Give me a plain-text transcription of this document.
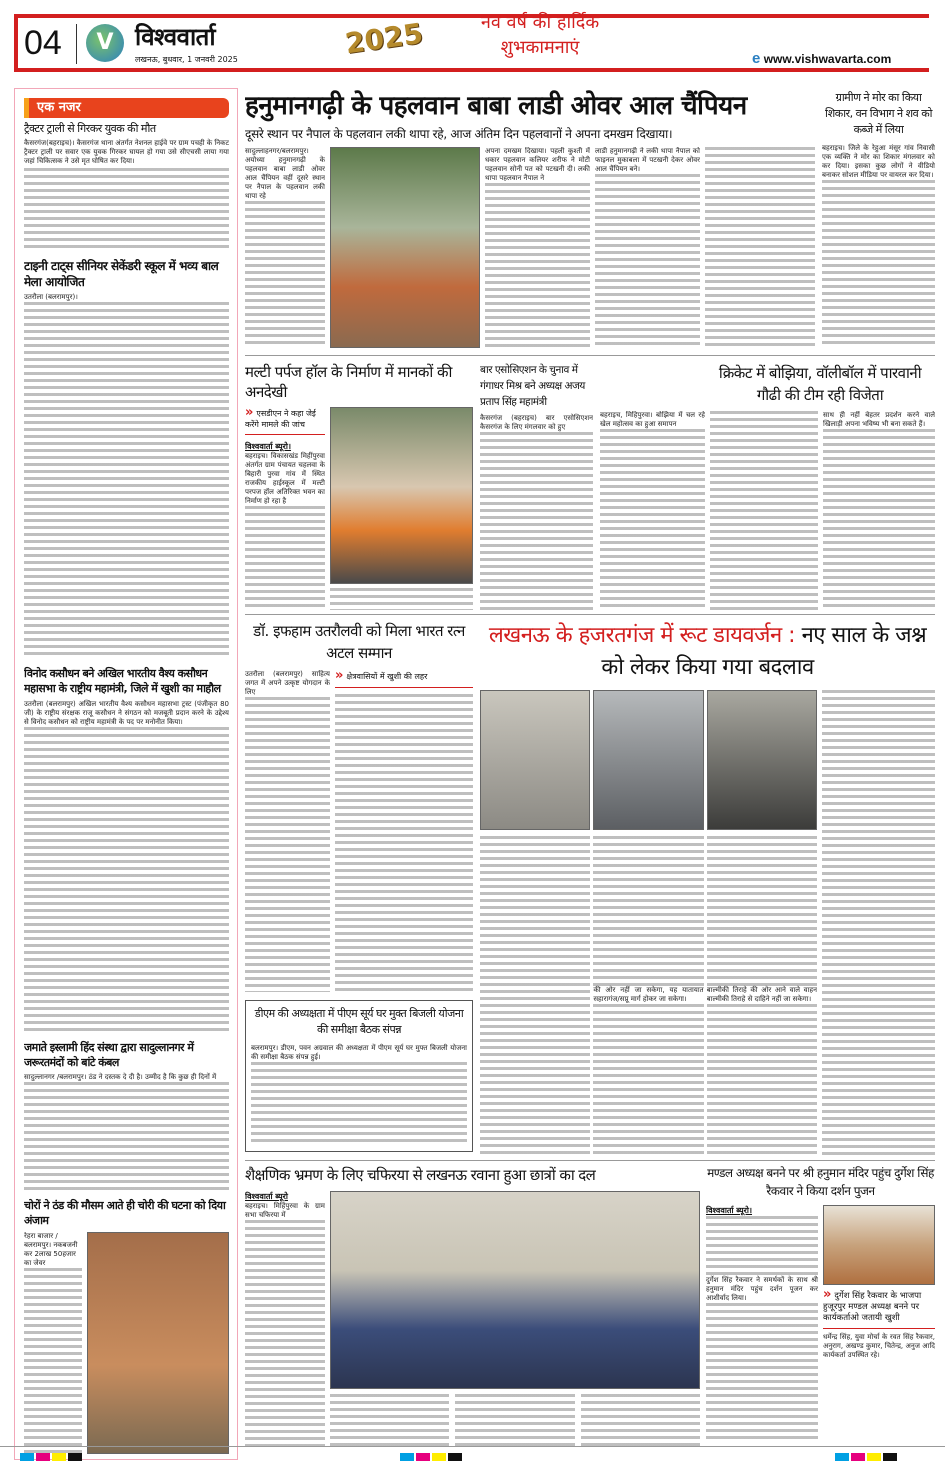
04	V विश्ववार्ता
लखनऊ, बुधवार, 1 जनवरी 2025	2025	नव वर्ष की हार्दिक
शुभकामनाएं
e www.vishwavarta.com
एक नजर
ट्रैक्टर ट्राली से गिरकर युवक की मौत
कैसरगंज(बहराइच)। कैसरगंज थाना अंतर्गत नेशनल हाईवे पर ग्राम पचही के निकट ट्रैक्टर ट्राली पर सवार एक युवक गिरकर घायल हो गया उसे सीएचसी लाया गया जहां चिकित्सक ने उसे मृत घोषित कर दिया।
टाइनी टाट्स सीनियर सेकेंडरी स्कूल में भव्य बाल मेला आयोजित
उतरौला (बलरामपुर)।
विनोद कसौधन बने अखिल भारतीय वैश्य कसौधन महासभा के राष्ट्रीय महामंत्री, जिले में खुशी का माहौल
उतरौला (बलरामपुर) अखिल भारतीय वैश्य कसौधन महासभा ट्रस्ट (पंजीकृत 80 जी) के राष्ट्रीय संरक्षक राजू कसौधन ने संगठन को मजबूती प्रदान करने के उद्देश्य से विनोद कसौधन को राष्ट्रीय महामंत्री के पद पर मनोनीत किया।
जमाते इस्लामी हिंद संस्था द्वारा सादुल्लानगर में जरूरतमंदों को बांटे कंबल
सादुल्लानगर /बलरामपुर। ठंड ने दस्तक दे दी है। उम्मीद है कि कुछ ही दिनों में
चोरों ने ठंड की मौसम आते ही चोरी की घटना को दिया अंजाम
रेहरा बाजार /बलरामपुर। नकबजनी कर 2लाख 50हजार का जेवर
हनुमानगढ़ी के पहलवान बाबा लाडी ओवर आल चैंपियन
दूसरे स्थान पर नैपाल के पहलवान लकी थापा रहे, आज अंतिम दिन पहलवानों ने अपना दमखम दिखाया।
सादुल्लाहनगर/बलरामपुर। अयोध्या हनुमानगढ़ी के पहलवान बाबा लाडी ओवर आल चैंपियन वहीं दूसरे स्थान पर नैपाल के पहलवान लकी थापा रहे
अपना दमखम दिखाया। पहली कुश्ती में धकार पहलवान कलियर शरीफ ने मोटी पहलवान सोनी पत को पटखनी दी। लकी थापा पहलवान नैपाल ने
लाडी हनुमानगढ़ी ने लकी थापा नैपाल को फाइनल मुकाबला में पटखनी देकर ओवर आल चैंपियन बने।
ग्रामीण ने मोर का किया शिकार, वन विभाग ने शव को कब्जे में लिया
बहराइच। जिले के रेहुआ मंसूर गांव निवासी एक व्यक्ति ने मोर का शिकार मंगलवार को कर दिया। इसका कुछ लोगों ने वीडियो बनाकर सोशल मीडिया पर वायरल कर दिया।
मल्टी पर्पज हॉल के निर्माण में मानकों की अनदेखी
» एसडीएन ने कहा जेई करेंगे मामले की जांच
विश्ववार्ता ब्यूरो।
बहराइच। विकासखंड मिहींपुरवा अंतर्गत ग्राम पंचायत चहलवा के बिहारी पुरवा गांव में स्थित राजकीय हाईस्कूल में मल्टी परपज हॉल अतिरिक्त भवन का निर्माण हो रहा है
बार एसोसिएशन के चुनाव में गंगाधर मिश्र बने अध्यक्ष अजय प्रताप सिंह महामंत्री
कैसरगंज (बहराइच) बार एसोसिएशन कैसरगंज के लिए मंगलवार को हुए
क्रिकेट में बोझिया, वॉलीबॉल में पारवानी गौढी की टीम रही विजेता
बहराइच, मिहिपुरवा। बोझिया में चल रहे खेल महोत्सव का हुआ समापन
साथ ही नहीं बेहतर प्रदर्शन करने वाले खिलाड़ी अपना भविष्य भी बना सकते हैं।
डॉ. इफहाम उतरौलवी को मिला भारत रत्न अटल सम्मान
उतरौला (बलरामपुर) साहित्य जगत में अपने उत्कृष्ट योगदान के लिए
» क्षेत्रवासियों में खुशी की लहर
लखनऊ के हजरतगंज में रूट डायवर्जन : नए साल के जश्न को लेकर किया गया बदलाव
की ओर नहीं जा सकेगा, यह यातायात सहारागंज/सप्रू मार्ग होकर जा सकेगा।
बाल्मीकी तिराहे की ओर आने वाले वाहन बाल्मीकी तिराहे से दाहिने नहीं जा सकेगा।
डीएम की अध्यक्षता में पीएम सूर्य घर मुक्त बिजली योजना की समीक्षा बैठक संपन्न
बलरामपुर। डीएम, पवन अग्रवाल की अध्यक्षता में पीएम सूर्य घर मुफ्त बिजली योजना की समीक्षा बैठक संपन्न हुई।
शैक्षणिक भ्रमण के लिए चफिरया से लखनऊ रवाना हुआ छात्रों का दल
विश्ववार्ता ब्यूरो
बहराइच। मिहिंपुरवा के ग्राम सभा चफिरया में
मण्डल अध्यक्ष बनने पर श्री हनुमान मंदिर पहुंच दुर्गेश सिंह रैकवार ने किया दर्शन पुजन
विश्ववार्ता ब्यूरो।
दुर्गेश सिंह रैकवार ने समर्थकों के साथ श्री हनुमान मंदिर पहुंच दर्शन पूजन कर आशीर्वाद लिया।	» दुर्गेश सिंह रैकवार के भाजपा हुजूरपुर मण्डल अध्यक्ष बनने पर कार्यकर्ताओ जतायी खुशी
धर्मेन्द्र सिंह, युवा मोर्चा के रवत सिंह रैकवार, अनुराग, अखण्ड कुमार, चितेन्द्र, अनुज आदि कार्यकर्ता उपस्थित रहे।
